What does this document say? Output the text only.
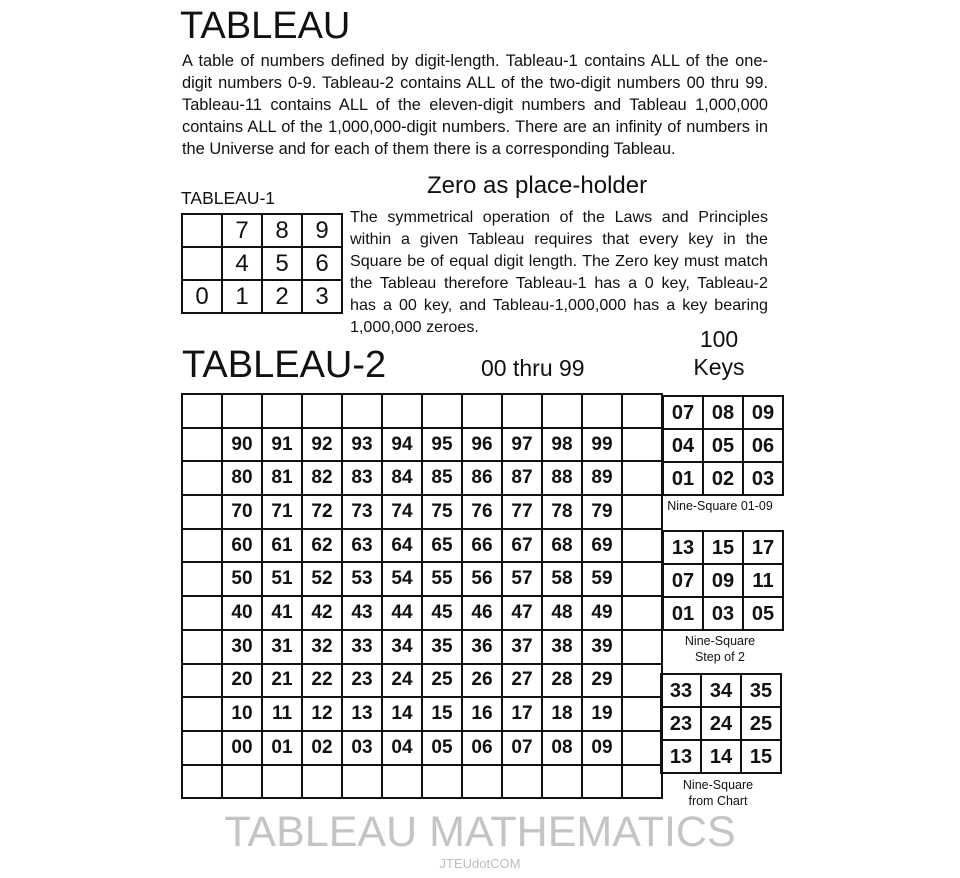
TABLEAU
A table of numbers defined by digit-length. Tableau-1 contains ALL of the one-digit numbers 0-9. Tableau-2 contains ALL of the two-digit numbers 00 thru 99. Tableau-11 contains ALL of the eleven-digit numbers and Tableau 1,000,000 contains ALL of the 1,000,000-digit numbers. There are an infinity of numbers in the Universe and for each of them there is a corresponding Tableau.
TABLEAU-1
	7	8	9
	4	5	6
0	1	2	3
Zero as place-holder
The symmetrical operation of the Laws and Principles within a given Tableau requires that every key in the Square be of equal digit length. The Zero key must match the Tableau therefore Tableau-1 has a 0 key, Tableau-2 has a 00 key, and Tableau-1,000,000 has a key bearing 1,000,000 zeroes.
TABLEAU-2	00 thru 99

	90	91	92	93	94	95	96	97	98	99	
	80	81	82	83	84	85	86	87	88	89	
	70	71	72	73	74	75	76	77	78	79	
	60	61	62	63	64	65	66	67	68	69	
	50	51	52	53	54	55	56	57	58	59	
	40	41	42	43	44	45	46	47	48	49	
	30	31	32	33	34	35	36	37	38	39	
	20	21	22	23	24	25	26	27	28	29	
	10	11	12	13	14	15	16	17	18	19	
	00	01	02	03	04	05	06	07	08	09	

100
Keys
07	08	09
04	05	06
01	02	03
Nine-Square 01-09
13	15	17
07	09	11
01	03	05
Nine-Square
Step of 2
33	34	35
23	24	25
13	14	15
Nine-Square
from Chart
TABLEAU MATHEMATICS
JTEUdotCOM
